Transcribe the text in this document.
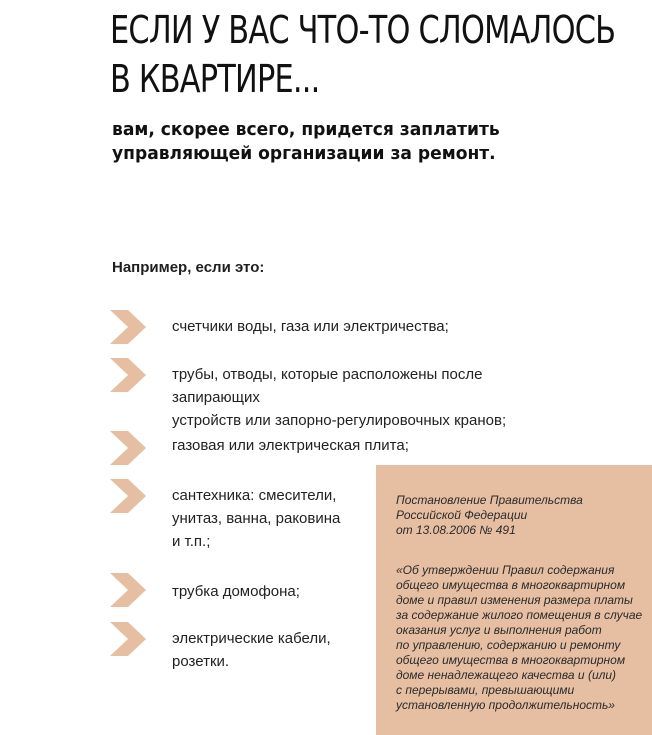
ЕСЛИ У ВАС ЧТО-ТО СЛОМАЛОСЬ
В КВАРТИРЕ...

вам, скорее всего, придется заплатить
управляющей организации за ремонт.

Например, если это:

счетчики воды, газа или электричества;

трубы, отводы, которые расположены после запирающих
устройств или запорно-регулировочных кранов;

газовая или электрическая плита;

сантехника: смесители,
унитаз, ванна, раковина
и т.п.;

трубка домофона;

электрические кабели,
розетки.

Постановление Правительства
Российской Федерации
от 13.08.2006 № 491

«Об утверждении Правил содержания
общего имущества в многоквартирном
доме и правил изменения размера платы
за содержание жилого помещения в случае
оказания услуг и выполнения работ
по управлению, содержанию и ремонту
общего имущества в многоквартирном
доме ненадлежащего качества и (или)
с перерывами, превышающими
установленную продолжительность»
